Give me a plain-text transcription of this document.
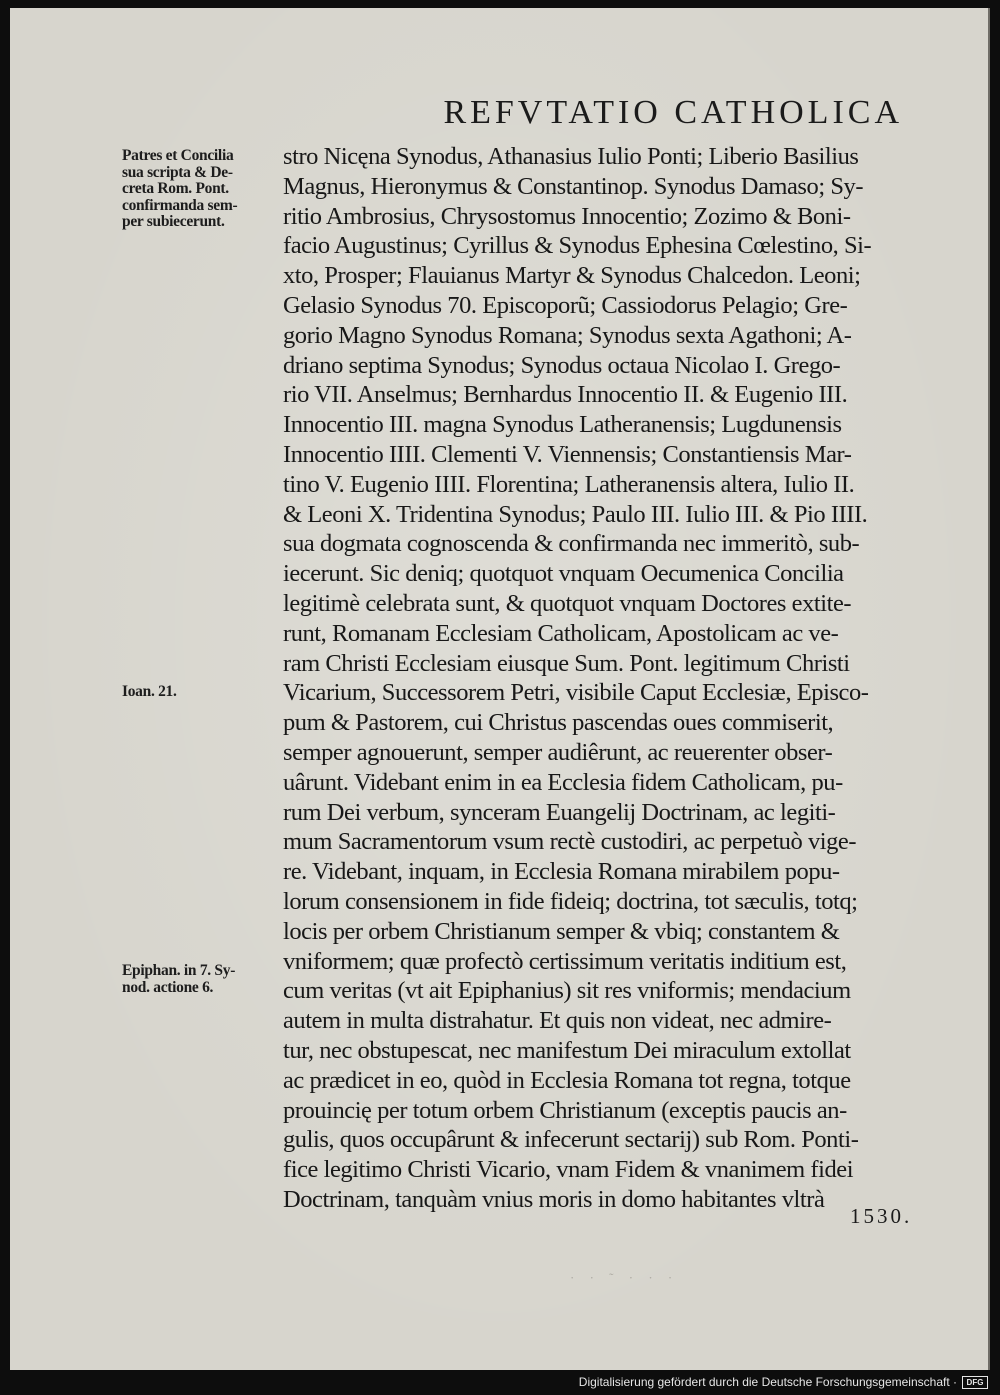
REFVTATIO CATHOLICA
Patres et Concilia
sua scripta & De-
creta Rom. Pont.
confirmanda sem-
per subiecerunt.
Ioan. 21.
Epiphan. in 7. Sy-
nod. actione 6.
stro Nicęna Synodus, Athanasius Iulio Ponti; Liberio Basilius
Magnus, Hieronymus & Constantinop. Synodus Damaso; Sy-
ritio Ambrosius, Chrysostomus Innocentio; Zozimo & Boni-
facio Augustinus; Cyrillus & Synodus Ephesina Cœlestino, Si-
xto, Prosper; Flauianus Martyr & Synodus Chalcedon. Leoni;
Gelasio Synodus 70. Episcoporũ; Cassiodorus Pelagio; Gre-
gorio Magno Synodus Romana; Synodus sexta Agathoni; A-
driano septima Synodus; Synodus octaua Nicolao I. Grego-
rio VII. Anselmus; Bernhardus Innocentio II. & Eugenio III.
Innocentio III. magna Synodus Latheranensis; Lugdunensis
Innocentio IIII. Clementi V. Viennensis; Constantiensis Mar-
tino V. Eugenio IIII. Florentina; Latheranensis altera, Iulio II.
& Leoni X. Tridentina Synodus; Paulo III. Iulio III. & Pio IIII.
sua dogmata cognoscenda & confirmanda nec immeritò, sub-
iecerunt. Sic deniq; quotquot vnquam Oecumenica Concilia
legitimè celebrata sunt, & quotquot vnquam Doctores extite-
runt, Romanam Ecclesiam Catholicam, Apostolicam ac ve-
ram Christi Ecclesiam eiusque Sum. Pont. legitimum Christi
Vicarium, Successorem Petri, visibile Caput Ecclesiæ, Episco-
pum & Pastorem, cui Christus pascendas oues commiserit,
semper agnouerunt, semper audiêrunt, ac reuerenter obser-
uârunt. Videbant enim in ea Ecclesia fidem Catholicam, pu-
rum Dei verbum, synceram Euangelij Doctrinam, ac legiti-
mum Sacramentorum vsum rectè custodiri, ac perpetuò vige-
re. Videbant, inquam, in Ecclesia Romana mirabilem popu-
lorum consensionem in fide fideiq; doctrina, tot sæculis, totq;
locis per orbem Christianum semper & vbiq; constantem &
vniformem; quæ profectò certissimum veritatis inditium est,
cum veritas (vt ait Epiphanius) sit res vniformis; mendacium
autem in multa distrahatur. Et quis non videat, nec admire-
tur, nec obstupescat, nec manifestum Dei miraculum extollat
ac prædicet in eo, quòd in Ecclesia Romana tot regna, totque
prouincię per totum orbem Christianum (exceptis paucis an-
gulis, quos occupârunt & infecerunt sectarij) sub Rom. Ponti-
fice legitimo Christi Vicario, vnam Fidem & vnanimem fidei
Doctrinam, tanquàm vnius moris in domo habitantes vltrà
1530.
· · ˜ · · ·
Digitalisierung gefördert durch die Deutsche Forschungsgemeinschaft ·	DFG
